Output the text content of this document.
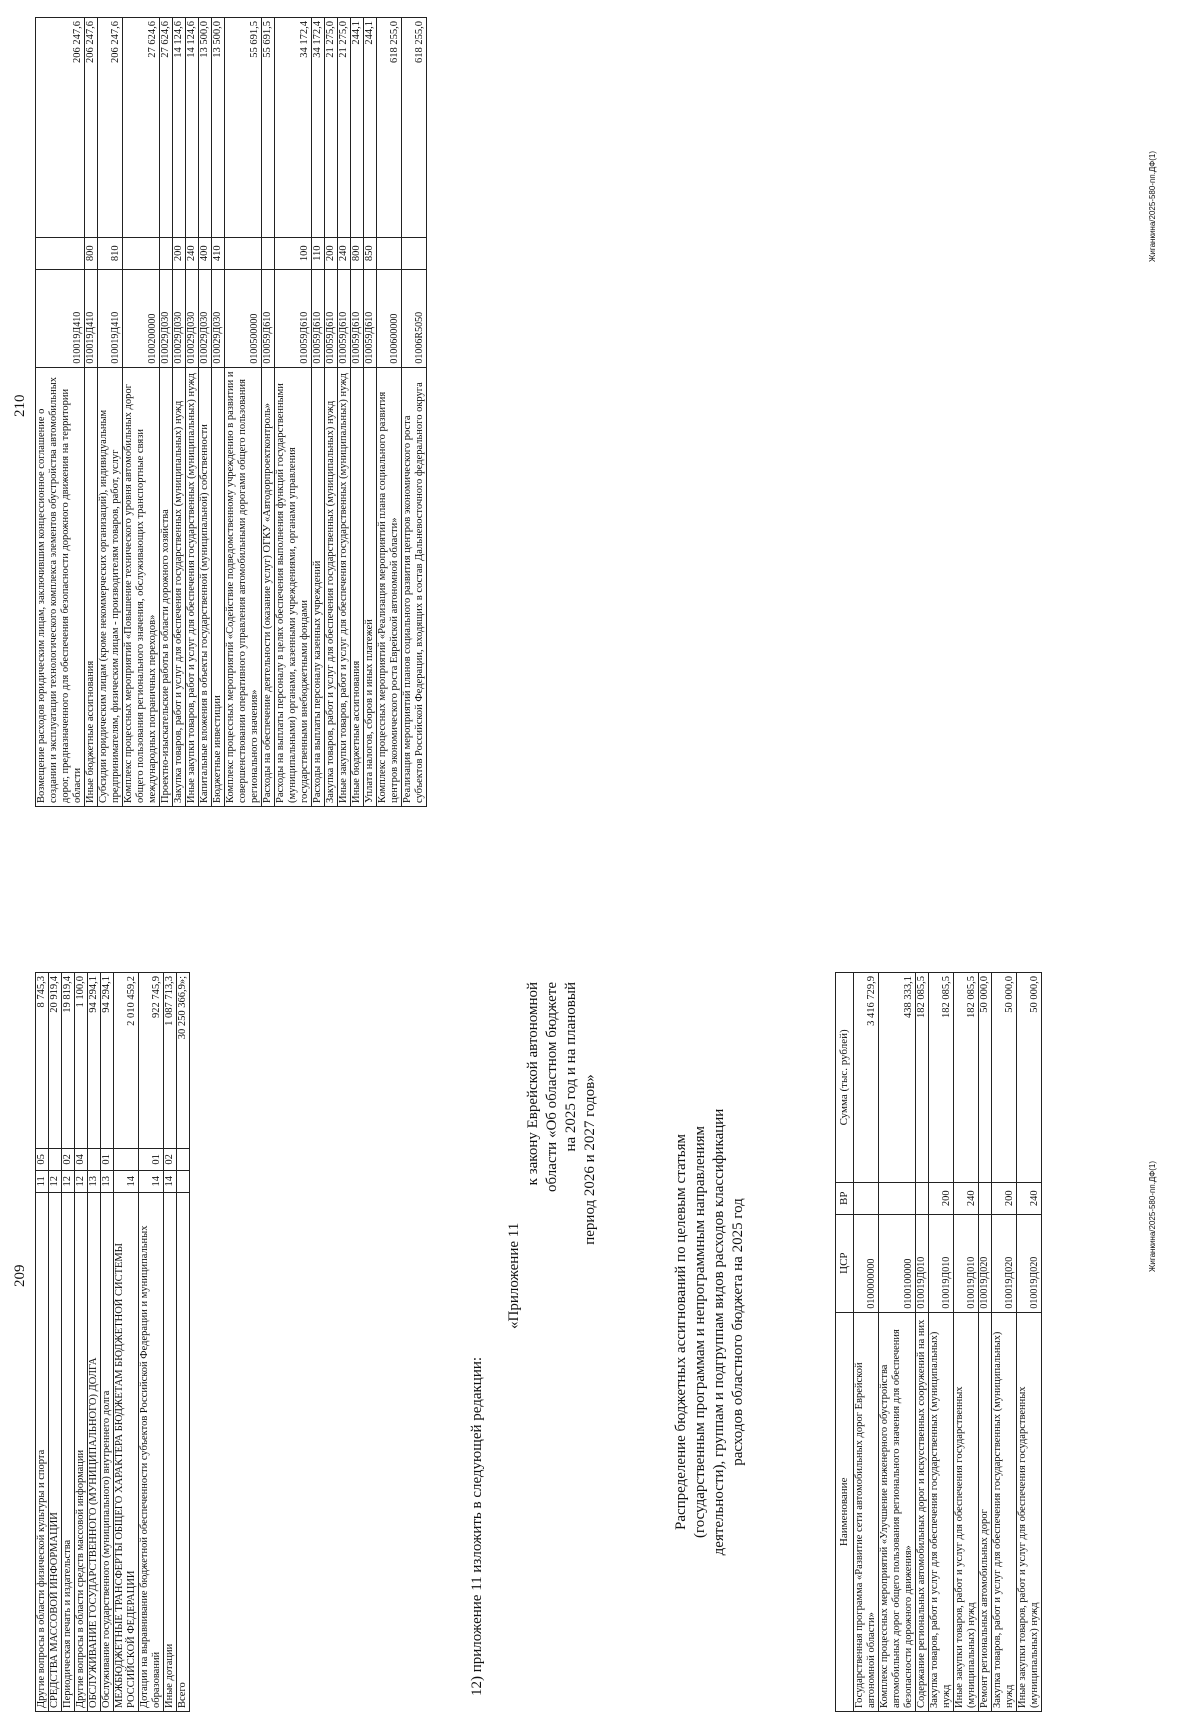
209
Другие вопросы в области физической культуры и спорта	11	05	8 745,3
СРЕДСТВА МАССОВОЙ ИНФОРМАЦИИ	12		20 919,4
Периодическая печать и издательства	12	02	19 819,4
Другие вопросы в области средств массовой информации	12	04	1 100,0
ОБСЛУЖИВАНИЕ ГОСУДАРСТВЕННОГО (МУНИЦИПАЛЬНОГО) ДОЛГА	13		94 294,1
Обслуживание государственного (муниципального) внутреннего долга	13	01	94 294,1
МЕЖБЮДЖЕТНЫЕ ТРАНСФЕРТЫ ОБЩЕГО ХАРАКТЕРА БЮДЖЕТАМ БЮДЖЕТНОЙ СИСТЕМЫ РОССИЙСКОЙ ФЕДЕРАЦИИ	14		2 010 459,2
Дотации на выравнивание бюджетной обеспеченности субъектов Российской Федерации и муниципальных образований	14	01	922 745,9
Иные дотации	14	02	1 087 713,3
Всего			30 250 366,9»;
12) приложение 11 изложить в следующей редакции:
«Приложение 11
к закону Еврейской автономной области «Об областном бюджете на 2025 год и на плановый
период 2026 и 2027 годов»	Распределение бюджетных ассигнований по целевым статьям (государственным программам и непрограммным направлениям деятельности), группам и подгруппам видов расходов классификации расходов областного бюджета на 2025 год
Наименование	ЦСР	ВР	Сумма (тыс. рублей)
Государственная программа «Развитие сети автомобильных дорог Еврейской автономной области»	0100000000		3 416 729,9
Комплекс процессных мероприятий «Улучшение инженерного обустройства автомобильных дорог общего пользования регионального значения для обеспечения безопасности дорожного движения»	0100100000		438 333,1
Содержание региональных автомобильных дорог и искусственных сооружений на них	010019Д010		182 085,5
Закупка товаров, работ и услуг для обеспечения государственных (муниципальных) нужд	010019Д010	200	182 085,5
Иные закупки товаров, работ и услуг для обеспечения государственных (муниципальных) нужд	010019Д010	240	182 085,5
Ремонт региональных автомобильных дорог	010019Д020		50 000,0
Закупка товаров, работ и услуг для обеспечения государственных (муниципальных) нужд	010019Д020	200	50 000,0
Иные закупки товаров, работ и услуг для обеспечения государственных (муниципальных) нужд	010019Д020	240	50 000,0
Жиганкина/2025-580-пп.ДФ(1)
210
Возмещение расходов юридическим лицам, заключившим концессионное соглашение о создании и эксплуатации технологического комплекса элементов обустройства автомобильных дорог, предназначенного для обеспечения безопасности дорожного движения на территории области	010019Д410		206 247,6
Иные бюджетные ассигнования	010019Д410	800	206 247,6
Субсидии юридическим лицам (кроме некоммерческих организаций), индивидуальным предпринимателям, физическим лицам - производителям товаров, работ, услуг	010019Д410	810	206 247,6
Комплекс процессных мероприятий «Повышение технического уровня автомобильных дорог общего пользования регионального значения, обслуживающих транспортные связи международных пограничных переходов»	0100200000		27 624,6
Проектно-изыскательские работы в области дорожного хозяйства	010029Д030		27 624,6
Закупка товаров, работ и услуг для обеспечения государственных (муниципальных) нужд	010029Д030	200	14 124,6
Иные закупки товаров, работ и услуг для обеспечения государственных (муниципальных) нужд	010029Д030	240	14 124,6
Капитальные вложения в объекты государственной (муниципальной) собственности	010029Д030	400	13 500,0
Бюджетные инвестиции	010029Д030	410	13 500,0
Комплекс процессных мероприятий «Содействие подведомственному учреждению в развитии и совершенствовании оперативного управления автомобильными дорогами общего пользования регионального значения»	0100500000		55 691,5
Расходы на обеспечение деятельности (оказание услуг) ОГКУ «Автодорпроектконтроль»	010059Д610		55 691,5
Расходы на выплаты персоналу в целях обеспечения выполнения функций государственными (муниципальными) органами, казенными учреждениями, органами управления государственными внебюджетными фондами	010059Д610	100	34 172,4
Расходы на выплаты персоналу казенных учреждений	010059Д610	110	34 172,4
Закупка товаров, работ и услуг для обеспечения государственных (муниципальных) нужд	010059Д610	200	21 275,0
Иные закупки товаров, работ и услуг для обеспечения государственных (муниципальных) нужд	010059Д610	240	21 275,0
Иные бюджетные ассигнования	010059Д610	800	244,1
Уплата налогов, сборов и иных платежей	010059Д610	850	244,1
Комплекс процессных мероприятий «Реализация мероприятий плана социального развития центров экономического роста Еврейской автономной области»	0100600000		618 255,0
Реализация мероприятий планов социального развития центров экономического роста субъектов Российской Федерации, входящих в состав Дальневосточного федерального округа	01006R5050		618 255,0
Жиганкина/2025-580-пп.ДФ(1)
